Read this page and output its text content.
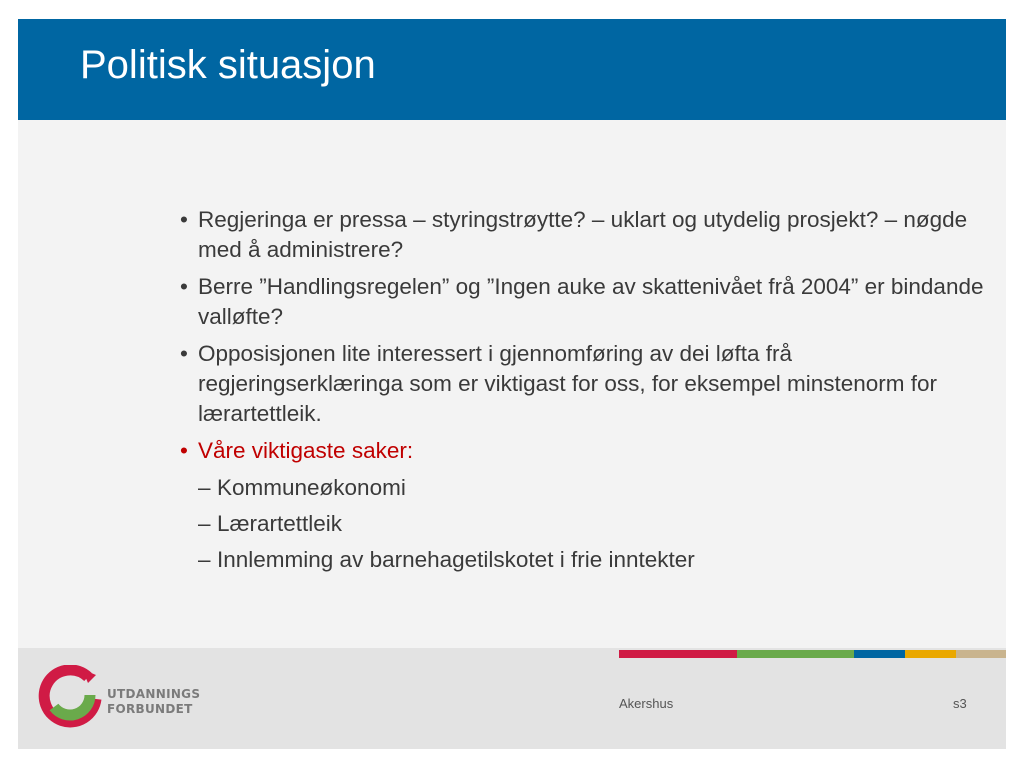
Politisk situasjon
• Regjeringa er pressa – styringstrøytte? – uklart og utydelig prosjekt? – nøgde med å administrere?
• Berre ”Handlingsregelen” og ”Ingen auke av skattenivået frå 2004” er bindande valløfte?
• Opposisjonen lite interessert i gjennomføring av dei løfta frå regjeringserklæringa som er viktigast for oss, for eksempel minstenorm for lærartettleik.
• Våre viktigaste saker:
– Kommuneøkonomi
– Lærartettleik
– Innlemming av barnehagetilskotet i frie inntekter
UTDANNINGS
FORBUNDET	Akershus	s3
